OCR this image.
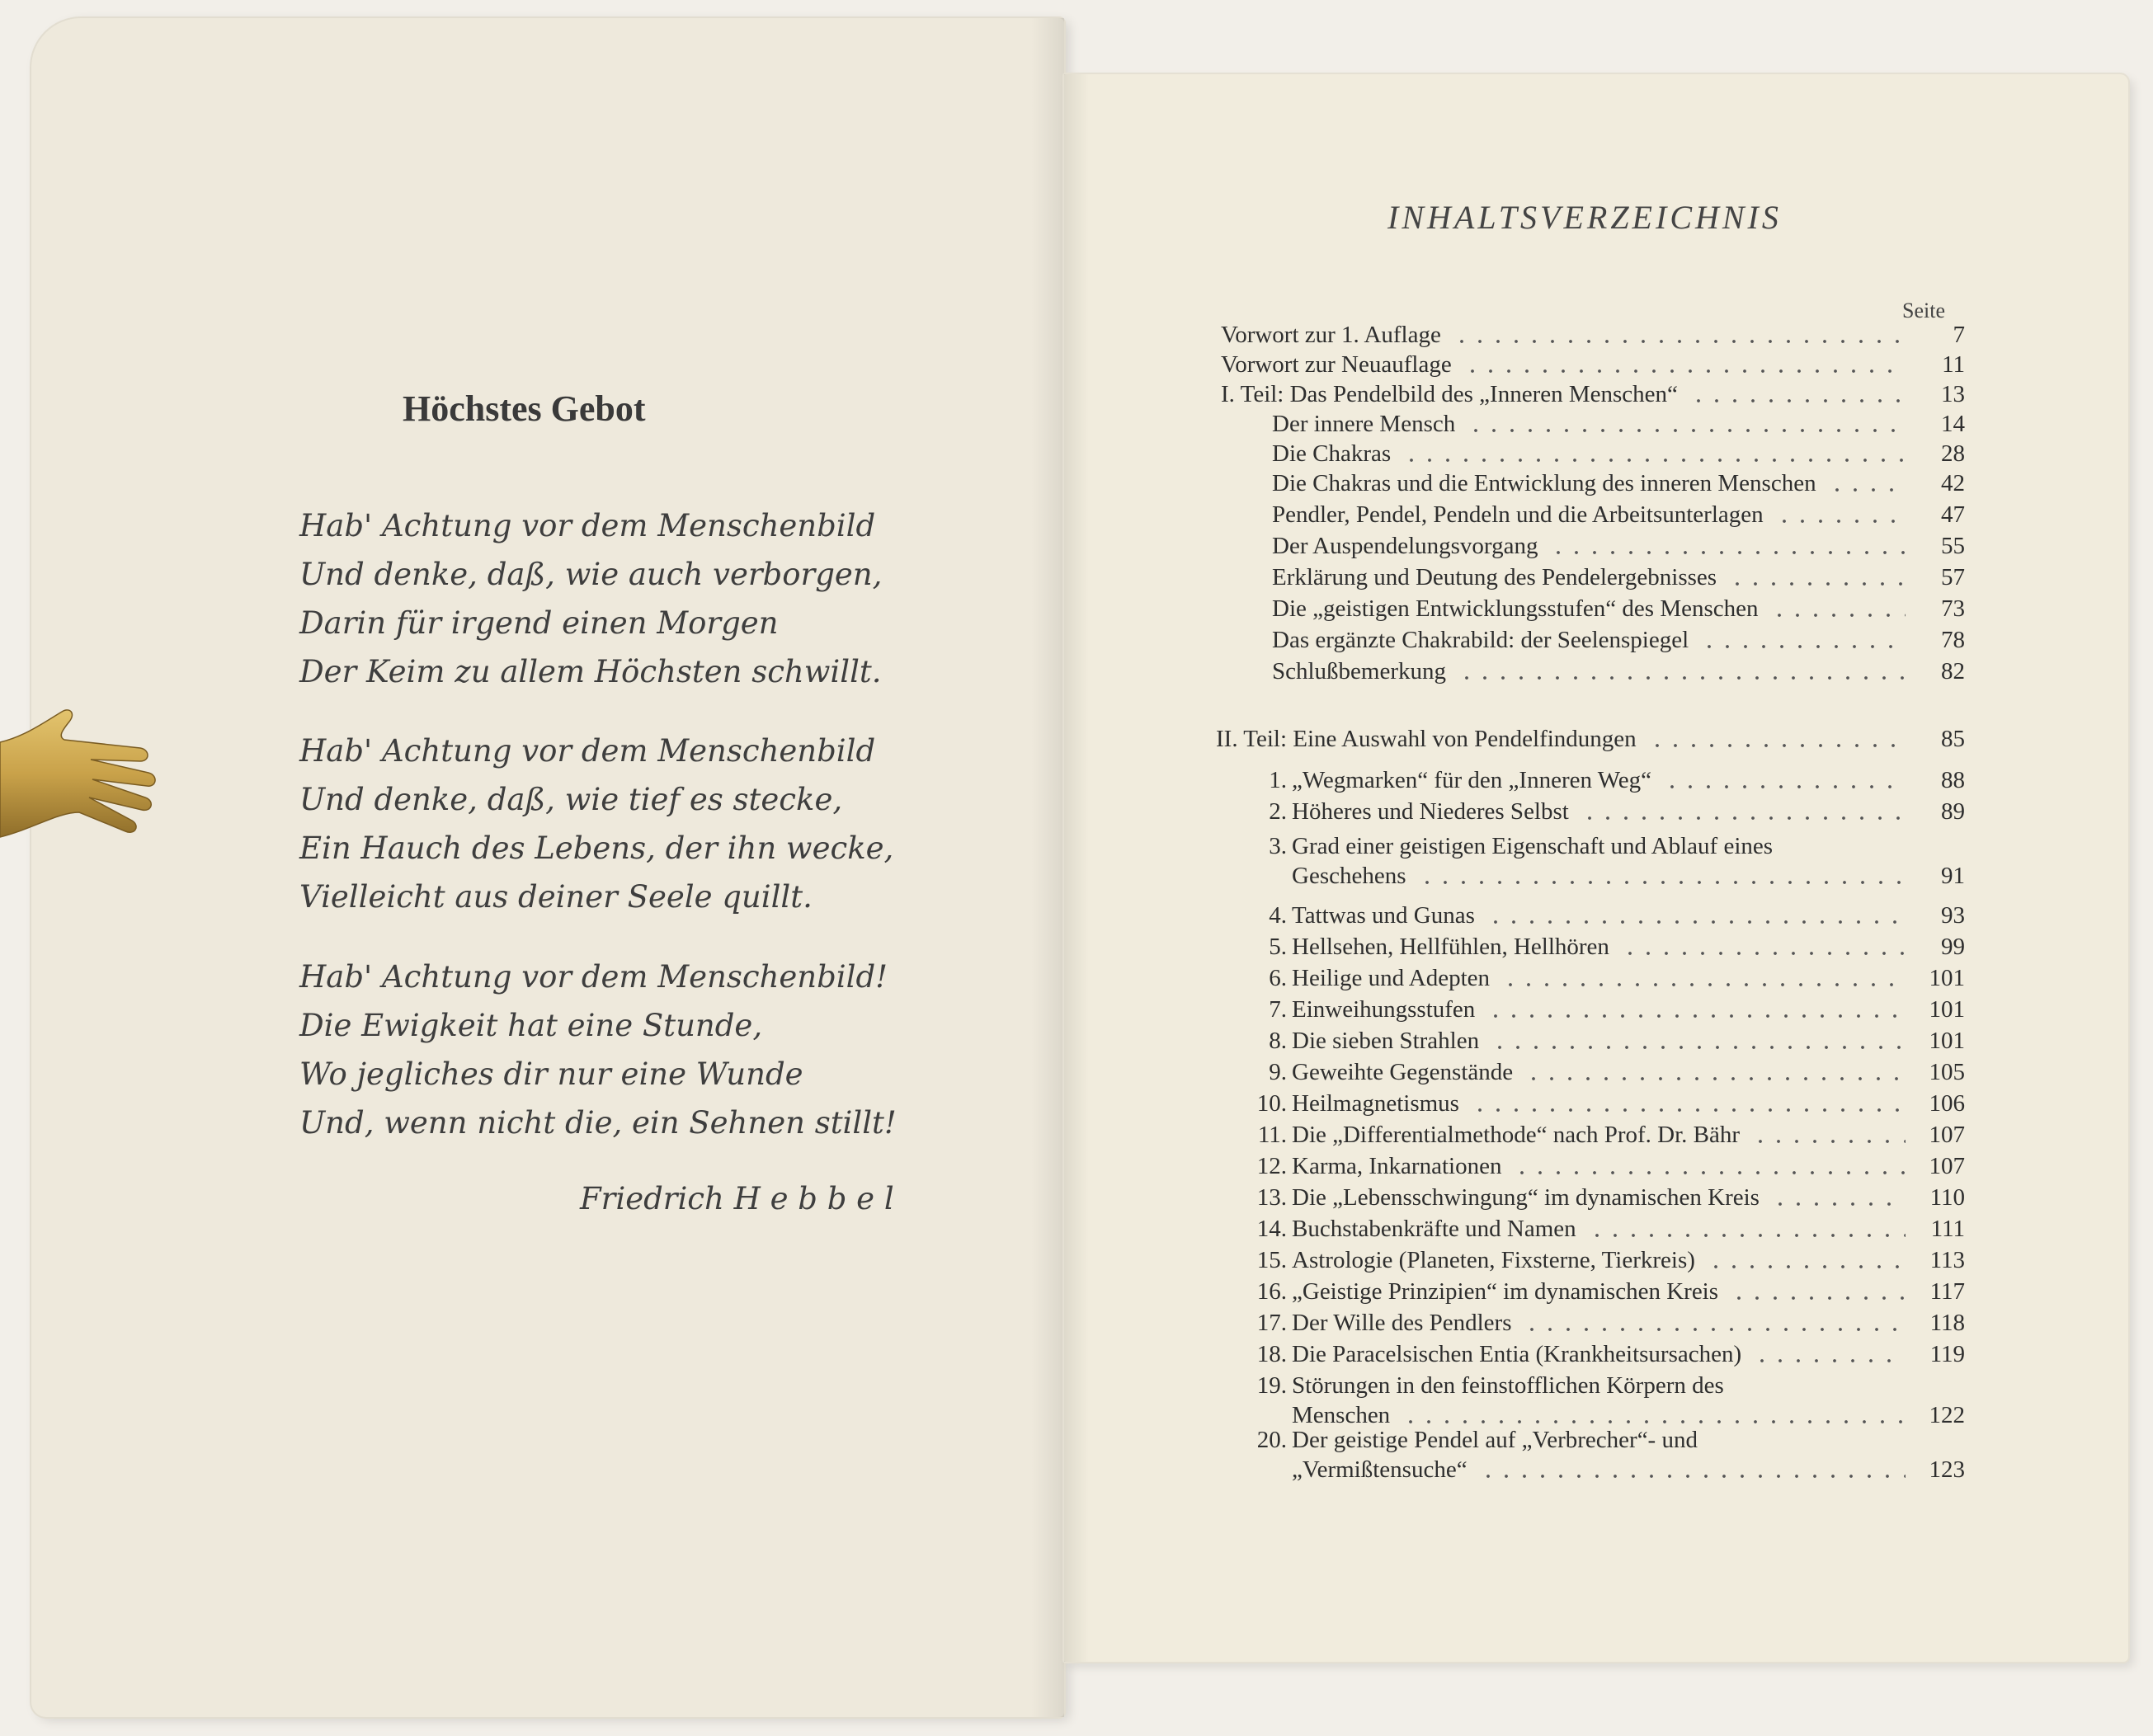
Höchstes Gebot
Hab' Achtung vor dem Menschenbild
Und denke, daß, wie auch verborgen,
Darin für irgend einen Morgen
Der Keim zu allem Höchsten schwillt.
Hab' Achtung vor dem Menschenbild
Und denke, daß, wie tief es stecke,
Ein Hauch des Lebens, der ihn wecke,
Vielleicht aus deiner Seele quillt.
Hab' Achtung vor dem Menschenbild!
Die Ewigkeit hat eine Stunde,
Wo jegliches dir nur eine Wunde
Und, wenn nicht die, ein Sehnen stillt!
Friedrich H e b b e l
INHALTSVERZEICHNIS
Seite
Vorwort zur 1. Auflage	7
Vorwort zur Neuauflage	11
I. Teil: Das Pendelbild des „Inneren Menschen“	13
Der innere Mensch	14
Die Chakras	28
Die Chakras und die Entwicklung des inneren Menschen	42
Pendler, Pendel, Pendeln und die Arbeitsunterlagen	47
Der Auspendelungsvorgang	55
Erklärung und Deutung des Pendelergebnisses	57
Die „geistigen Entwicklungsstufen“ des Menschen	73
Das ergänzte Chakrabild: der Seelenspiegel	78
Schlußbemerkung	82
II. Teil: Eine Auswahl von Pendelfindungen	85
1. „Wegmarken“ für den „Inneren Weg“	88
2. Höheres und Niederes Selbst	89
3. Grad einer geistigen Eigenschaft und Ablauf eines
Geschehens	91
4. Tattwas und Gunas	93
5. Hellsehen, Hellfühlen, Hellhören	99
6. Heilige und Adepten	101
7. Einweihungsstufen	101
8. Die sieben Strahlen	101
9. Geweihte Gegenstände	105
10. Heilmagnetismus	106
11. Die „Differentialmethode“ nach Prof. Dr. Bähr	107
12. Karma, Inkarnationen	107
13. Die „Lebensschwingung“ im dynamischen Kreis	110
14. Buchstabenkräfte und Namen	111
15. Astrologie (Planeten, Fixsterne, Tierkreis)	113
16. „Geistige Prinzipien“ im dynamischen Kreis	117
17. Der Wille des Pendlers	118
18. Die Paracelsischen Entia (Krankheitsursachen)	119
19. Störungen in den feinstofflichen Körpern des
Menschen	122
20. Der geistige Pendel auf „Verbrecher“- und
„Vermißtensuche“	123
